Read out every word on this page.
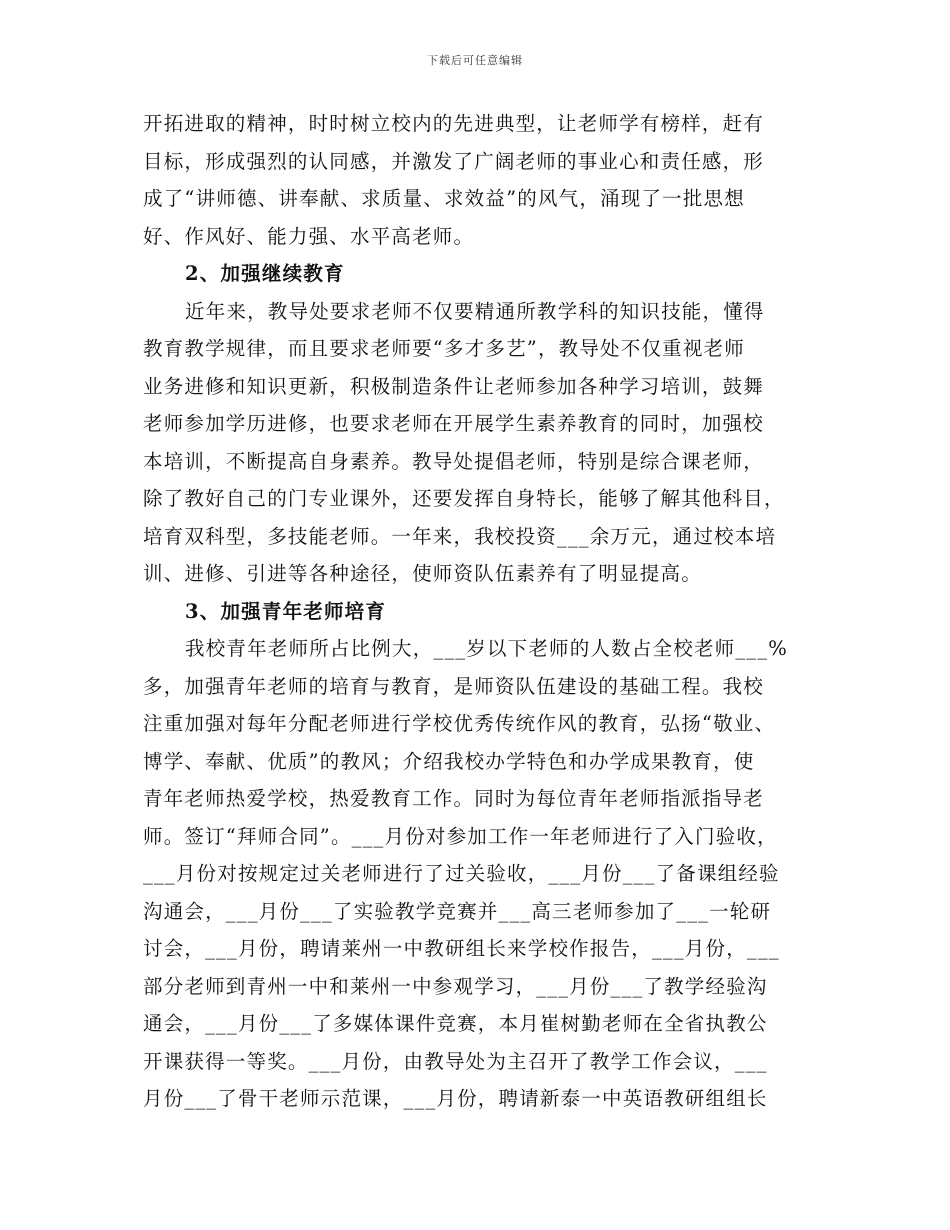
下载后可任意编辑
开拓进取的精神，时时树立校内的先进典型，让老师学有榜样，赶有
目标，形成强烈的认同感，并激发了广阔老师的事业心和责任感，形
成了“讲师德、讲奉献、求质量、求效益”的风气，涌现了一批思想
好、作风好、能力强、水平高老师。
2、加强继续教育
近年来，教导处要求老师不仅要精通所教学科的知识技能，懂得
教育教学规律，而且要求老师要“多才多艺”，教导处不仅重视老师
业务进修和知识更新，积极制造条件让老师参加各种学习培训，鼓舞
老师参加学历进修，也要求老师在开展学生素养教育的同时，加强校
本培训，不断提高自身素养。教导处提倡老师，特别是综合课老师，
除了教好自己的门专业课外，还要发挥自身特长，能够了解其他科目，
培育双科型，多技能老师。一年来，我校投资___余万元，通过校本培
训、进修、引进等各种途径，使师资队伍素养有了明显提高。
3、加强青年老师培育
我校青年老师所占比例大，___岁以下老师的人数占全校老师___%
多，加强青年老师的培育与教育，是师资队伍建设的基础工程。我校
注重加强对每年分配老师进行学校优秀传统作风的教育，弘扬“敬业、
博学、奉献、优质”的教风；介绍我校办学特色和办学成果教育，使
青年老师热爱学校，热爱教育工作。同时为每位青年老师指派指导老
师。签订“拜师合同”。___月份对参加工作一年老师进行了入门验收，
___月份对按规定过关老师进行了过关验收，___月份___了备课组经验
沟通会，___月份___了实验教学竞赛并___高三老师参加了___一轮研
讨会，___月份，聘请莱州一中教研组长来学校作报告，___月份，___
部分老师到青州一中和莱州一中参观学习，___月份___了教学经验沟
通会，___月份___了多媒体课件竞赛，本月崔树勤老师在全省执教公
开课获得一等奖。___月份，由教导处为主召开了教学工作会议，___
月份___了骨干老师示范课，___月份，聘请新泰一中英语教研组组长
